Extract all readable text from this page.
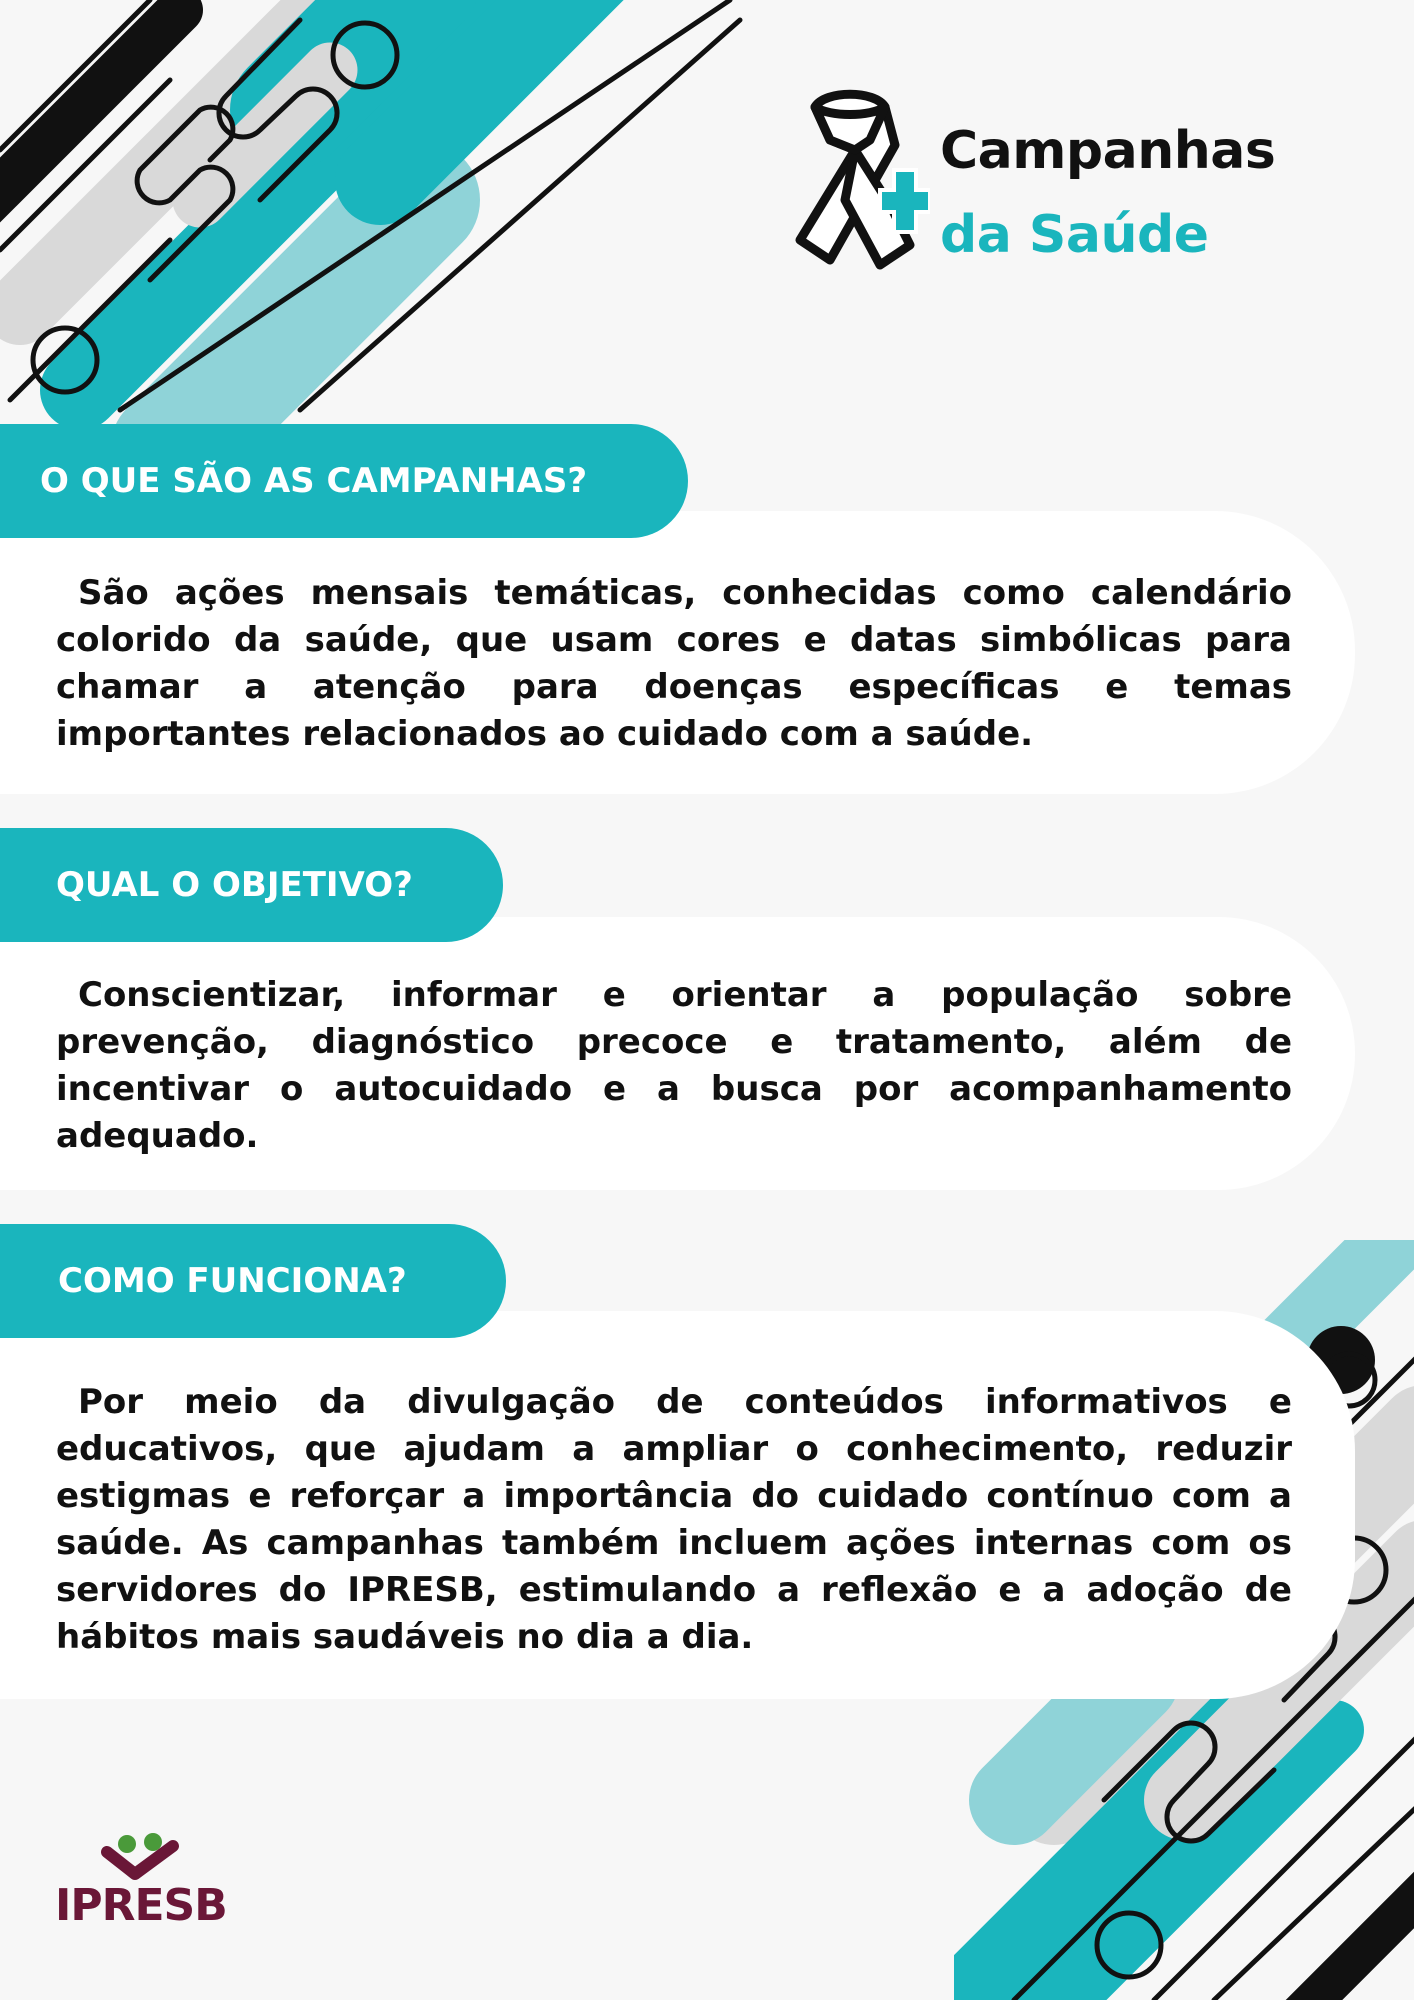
Campanhas
da Saúde

São ações mensais temáticas, conhecidas como calendário colorido da saúde, que usam cores e datas simbólicas para chamar a atenção para doenças específicas e temas importantes relacionados ao cuidado com a saúde.

O QUE SÃO AS CAMPANHAS?

Conscientizar, informar e orientar a população sobre prevenção, diagnóstico precoce e tratamento, além de incentivar o autocuidado e a busca por acompanhamento adequado.

QUAL O OBJETIVO?

Por meio da divulgação de conteúdos informativos e educativos, que ajudam a ampliar o conhecimento, reduzir estigmas e reforçar a importância do cuidado contínuo com a saúde. As campanhas também incluem ações internas com os servidores do IPRESB, estimulando a reflexão e a adoção de hábitos mais saudáveis no dia a dia.

COMO FUNCIONA?
IPRESB
